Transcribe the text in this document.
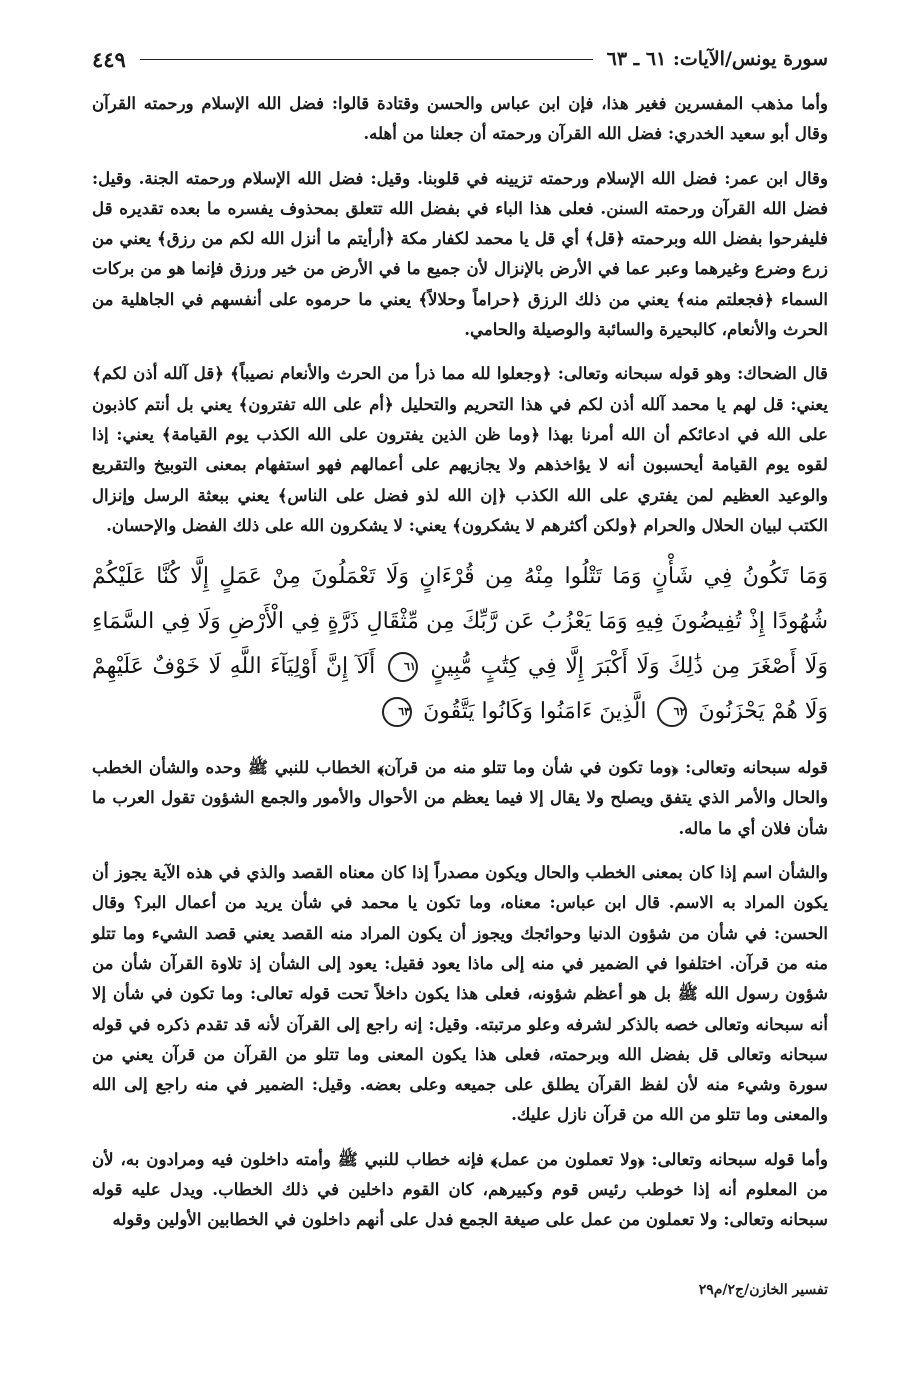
سورة يونس/الآيات: ٦١ ـ ٦٣
٤٤٩

وأما مذهب المفسرين فغير هذا، فإن ابن عباس والحسن وقتادة قالوا: فضل الله الإسلام ورحمته القرآن وقال أبو سعيد الخدري: فضل الله القرآن ورحمته أن جعلنا من أهله.

وقال ابن عمر: فضل الله الإسلام ورحمته تزيينه في قلوبنا. وقيل: فضل الله الإسلام ورحمته الجنة. وقيل: فضل الله القرآن ورحمته السنن. فعلى هذا الباء في بفضل الله تتعلق بمحذوف يفسره ما بعده تقديره قل فليفرحوا بفضل الله وبرحمته ﴿قل﴾ أي قل يا محمد لكفار مكة ﴿أرأيتم ما أنزل الله لكم من رزق﴾ يعني من زرع وضرع وغيرهما وعبر عما في الأرض بالإنزال لأن جميع ما في الأرض من خير ورزق فإنما هو من بركات السماء ﴿فجعلتم منه﴾ يعني من ذلك الرزق ﴿حراماً وحلالاً﴾ يعني ما حرموه على أنفسهم في الجاهلية من الحرث والأنعام، كالبحيرة والسائبة والوصيلة والحامي.

قال الضحاك: وهو قوله سبحانه وتعالى: ﴿وجعلوا لله مما ذرأ من الحرث والأنعام نصيباً﴾ ﴿قل آلله أذن لكم﴾ يعني: قل لهم يا محمد آلله أذن لكم في هذا التحريم والتحليل ﴿أم على الله تفترون﴾ يعني بل أنتم كاذبون على الله في ادعائكم أن الله أمرنا بهذا ﴿وما ظن الذين يفترون على الله الكذب يوم القيامة﴾ يعني: إذا لقوه يوم القيامة أيحسبون أنه لا يؤاخذهم ولا يجازيهم على أعمالهم فهو استفهام بمعنى التوبيخ والتقريع والوعيد العظيم لمن يفتري على الله الكذب ﴿إن الله لذو فضل على الناس﴾ يعني ببعثة الرسل وإنزال الكتب لبيان الحلال والحرام ﴿ولكن أكثرهم لا يشكرون﴾ يعني: لا يشكرون الله على ذلك الفضل والإحسان.

وَمَا تَكُونُ فِي شَأْنٍ وَمَا تَتْلُوا مِنْهُ مِن قُرْءَانٍ وَلَا تَعْمَلُونَ مِنْ عَمَلٍ إِلَّا كُنَّا عَلَيْكُمْ شُهُودًا إِذْ تُفِيضُونَ فِيهِ وَمَا يَعْزُبُ عَن رَّبِّكَ مِن مِّثْقَالِ ذَرَّةٍ فِي الْأَرْضِ وَلَا فِي السَّمَاءِ وَلَا أَصْغَرَ مِن ذَٰلِكَ وَلَا أَكْبَرَ إِلَّا فِي كِتَٰبٍ مُّبِينٍ ٦١ أَلَآ إِنَّ أَوْلِيَآءَ اللَّهِ لَا خَوْفٌ عَلَيْهِمْ وَلَا هُمْ يَحْزَنُونَ ٦٢ الَّذِينَ ءَامَنُوا وَكَانُوا يَتَّقُونَ ٦٣

قوله سبحانه وتعالى: ﴿وما تكون في شأن وما تتلو منه من قرآن﴾ الخطاب للنبي ﷺ وحده والشأن الخطب والحال والأمر الذي يتفق ويصلح ولا يقال إلا فيما يعظم من الأحوال والأمور والجمع الشؤون تقول العرب ما شأن فلان أي ما ماله.

والشأن اسم إذا كان بمعنى الخطب والحال ويكون مصدراً إذا كان معناه القصد والذي في هذه الآية يجوز أن يكون المراد به الاسم. قال ابن عباس: معناه، وما تكون يا محمد في شأن يريد من أعمال البر؟ وقال الحسن: في شأن من شؤون الدنيا وحوائجك ويجوز أن يكون المراد منه القصد يعني قصد الشيء وما تتلو منه من قرآن. اختلفوا في الضمير في منه إلى ماذا يعود فقيل: يعود إلى الشأن إذ تلاوة القرآن شأن من شؤون رسول الله ﷺ بل هو أعظم شؤونه، فعلى هذا يكون داخلاً تحت قوله تعالى: وما تكون في شأن إلا أنه سبحانه وتعالى خصه بالذكر لشرفه وعلو مرتبته. وقيل: إنه راجع إلى القرآن لأنه قد تقدم ذكره في قوله سبحانه وتعالى قل بفضل الله وبرحمته، فعلى هذا يكون المعنى وما تتلو من القرآن من قرآن يعني من سورة وشيء منه لأن لفظ القرآن يطلق على جميعه وعلى بعضه. وقيل: الضمير في منه راجع إلى الله والمعنى وما تتلو من الله من قرآن نازل عليك.

وأما قوله سبحانه وتعالى: ﴿ولا تعملون من عمل﴾ فإنه خطاب للنبي ﷺ وأمته داخلون فيه ومرادون به، لأن من المعلوم أنه إذا خوطب رئيس قوم وكبيرهم، كان القوم داخلين في ذلك الخطاب. ويدل عليه قوله سبحانه وتعالى: ولا تعملون من عمل على صيغة الجمع فدل على أنهم داخلون في الخطابين الأولين وقوله

تفسير الخازن/ج٢/م٢٩
